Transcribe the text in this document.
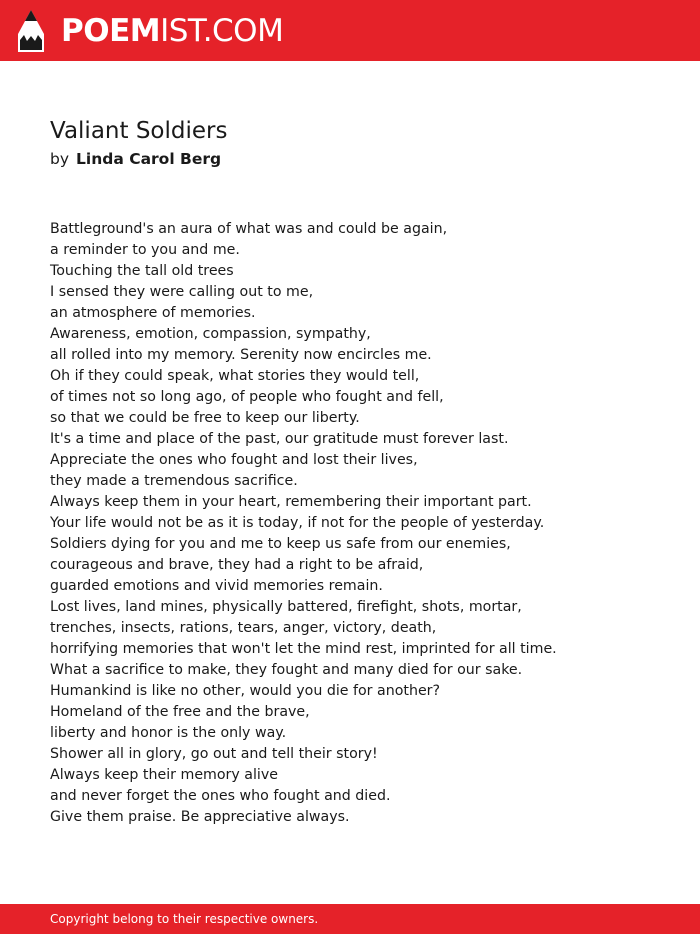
POEMIST.COM
Valiant Soldiers
by Linda Carol Berg
Battleground's an aura of what was and could be again,
a reminder to you and me.
Touching the tall old trees
I sensed they were calling out to me,
an atmosphere of memories.
Awareness, emotion, compassion, sympathy,
all rolled into my memory. Serenity now encircles me.
Oh if they could speak, what stories they would tell,
of times not so long ago, of people who fought and fell,
so that we could be free to keep our liberty.
It's a time and place of the past, our gratitude must forever last.
Appreciate the ones who fought and lost their lives,
they made a tremendous sacrifice.
Always keep them in your heart, remembering their important part.
Your life would not be as it is today, if not for the people of yesterday.
Soldiers dying for you and me to keep us safe from our enemies,
courageous and brave, they had a right to be afraid,
guarded emotions and vivid memories remain.
Lost lives, land mines, physically battered, firefight, shots, mortar,
trenches, insects, rations, tears, anger, victory, death,
horrifying memories that won't let the mind rest, imprinted for all time.
What a sacrifice to make, they fought and many died for our sake.
Humankind is like no other, would you die for another?
Homeland of the free and the brave,
liberty and honor is the only way.
Shower all in glory, go out and tell their story!
Always keep their memory alive
and never forget the ones who fought and died.
Give them praise. Be appreciative always.
Copyright belong to their respective owners.
